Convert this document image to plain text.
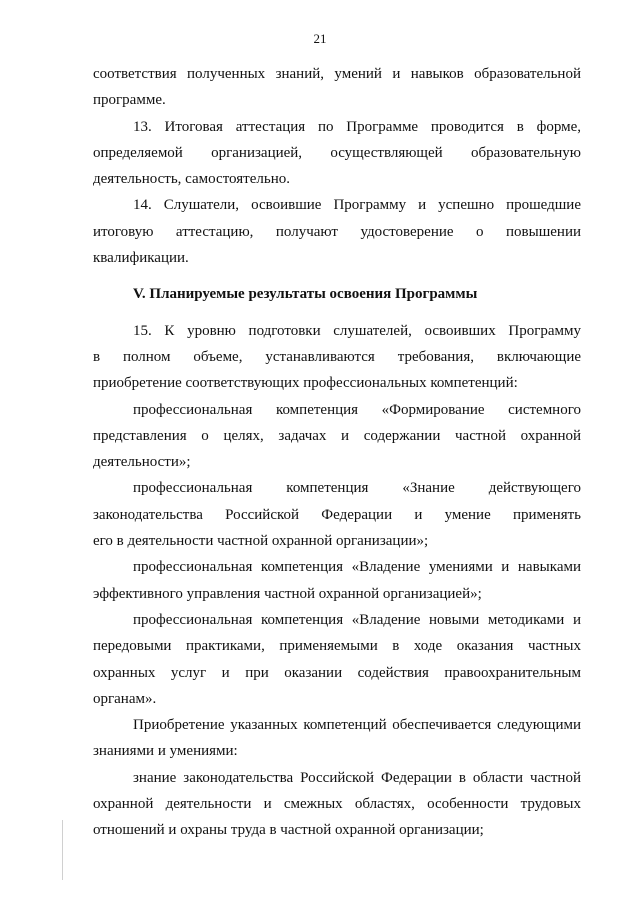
21
соответствия полученных знаний, умений и навыков образовательной
программе.
13. Итоговая аттестация по Программе проводится в форме,
определяемой организацией, осуществляющей образовательную
деятельность, самостоятельно.
14. Слушатели, освоившие Программу и успешно прошедшие
итоговую аттестацию, получают удостоверение о повышении
квалификации.
V. Планируемые результаты освоения Программы
15. К уровню подготовки слушателей, освоивших Программу
в полном объеме, устанавливаются требования, включающие
приобретение соответствующих профессиональных компетенций:
профессиональная компетенция «Формирование системного
представления о целях, задачах и содержании частной охранной
деятельности»;
профессиональная компетенция «Знание действующего
законодательства Российской Федерации и умение применять
его в деятельности частной охранной организации»;
профессиональная компетенция «Владение умениями и навыками
эффективного управления частной охранной организацией»;
профессиональная компетенция «Владение новыми методиками и
передовыми практиками, применяемыми в ходе оказания частных
охранных услуг и при оказании содействия правоохранительным
органам».
Приобретение указанных компетенций обеспечивается следующими
знаниями и умениями:
знание законодательства Российской Федерации в области частной
охранной деятельности и смежных областях, особенности трудовых
отношений и охраны труда в частной охранной организации;
